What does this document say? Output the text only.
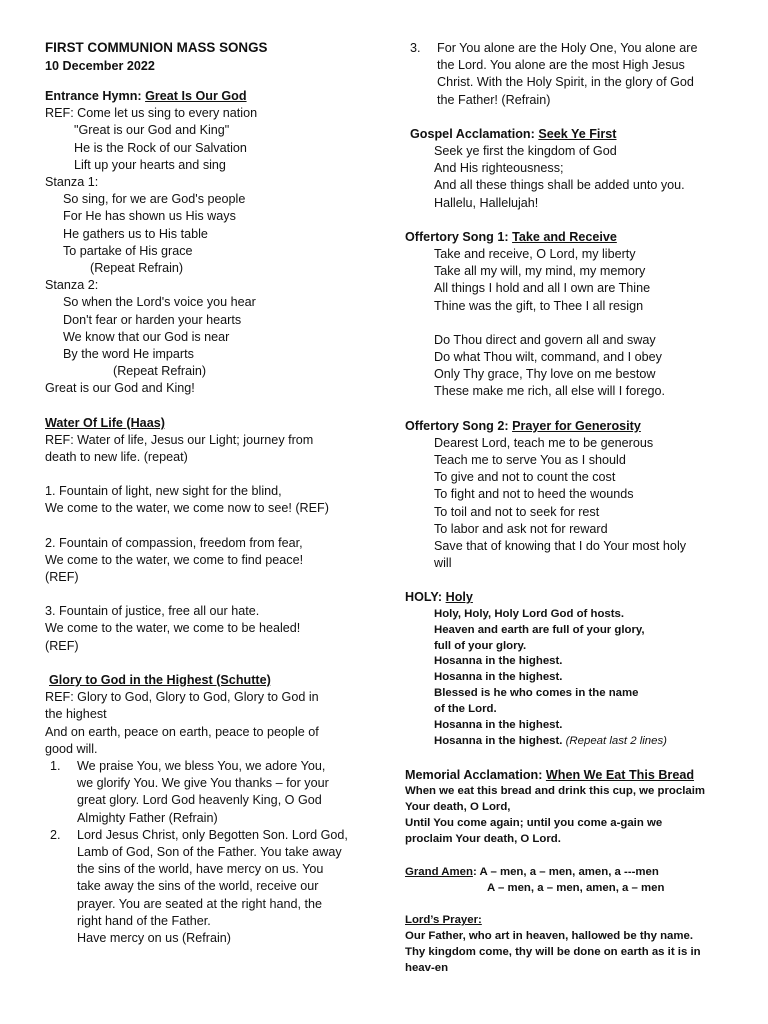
FIRST COMMUNION MASS SONGS

10 December 2022

Entrance Hymn: Great Is Our God

REF: Come let us sing to every nation

"Great is our God and King"

He is the Rock of our Salvation

Lift up your hearts and sing

Stanza 1:

So sing, for we are God's people

For He has shown us His ways

He gathers us to His table

To partake of His grace

(Repeat Refrain)

Stanza 2:

So when the Lord's voice you hear

Don't fear or harden your hearts

We know that our God is near

By the word He imparts

(Repeat Refrain)

Great is our God and King!

Water Of Life (Haas)

REF: Water of life, Jesus our Light; journey from

death to new life. (repeat)

1. Fountain of light, new sight for the blind,

We come to the water, we come now to see! (REF)

2. Fountain of compassion, freedom from fear,

We come to the water, we come to find peace!

(REF)

3. Fountain of justice, free all our hate.

We come to the water, we come to be healed!

(REF)

Glory to God in the Highest (Schutte)

REF: Glory to God, Glory to God, Glory to God in

the highest

And on earth, peace on earth, peace to people of

good will.

1.	We praise You, we bless You, we adore You,

we glorify You. We give You thanks – for your

great glory. Lord God heavenly King, O God

Almighty Father (Refrain)

2.	Lord Jesus Christ, only Begotten Son. Lord God,

Lamb of God, Son of the Father. You take away

the sins of the world, have mercy on us. You

take away the sins of the world, receive our

prayer. You are seated at the right hand, the

right hand of the Father.

Have mercy on us (Refrain)

3.	For You alone are the Holy One, You alone are

the Lord. You alone are the most High Jesus

Christ. With the Holy Spirit, in the glory of God

the Father! (Refrain)

Gospel Acclamation: Seek Ye First

Seek ye first the kingdom of God

And His righteousness;

And all these things shall be added unto you.

Hallelu, Hallelujah!

Offertory Song 1: Take and Receive

Take and receive, O Lord, my liberty

Take all my will, my mind, my memory

All things I hold and all I own are Thine

Thine was the gift, to Thee I all resign

Do Thou direct and govern all and sway

Do what Thou wilt, command, and I obey

Only Thy grace, Thy love on me bestow

These make me rich, all else will I forego.

Offertory Song 2: Prayer for Generosity

Dearest Lord, teach me to be generous

Teach me to serve You as I should

To give and not to count the cost

To fight and not to heed the wounds

To toil and not to seek for rest

To labor and ask not for reward

Save that of knowing that I do Your most holy

will

HOLY: Holy

Holy, Holy, Holy Lord God of hosts.

Heaven and earth are full of your glory,

full of your glory.

Hosanna in the highest.

Hosanna in the highest.

Blessed is he who comes in the name

of the Lord.

Hosanna in the highest.

Hosanna in the highest. (Repeat last 2 lines)

Memorial Acclamation: When We Eat This Bread

When we eat this bread and drink this cup, we proclaim

Your death, O Lord,

Until You come again; until you come a-gain we

proclaim Your death, O Lord.

Grand Amen: A – men, a – men, amen, a ---men

A – men, a – men, amen, a – men

Lord’s Prayer:

Our Father, who art in heaven, hallowed be thy name.

Thy kingdom come, thy will be done on earth as it is in

heav-en
